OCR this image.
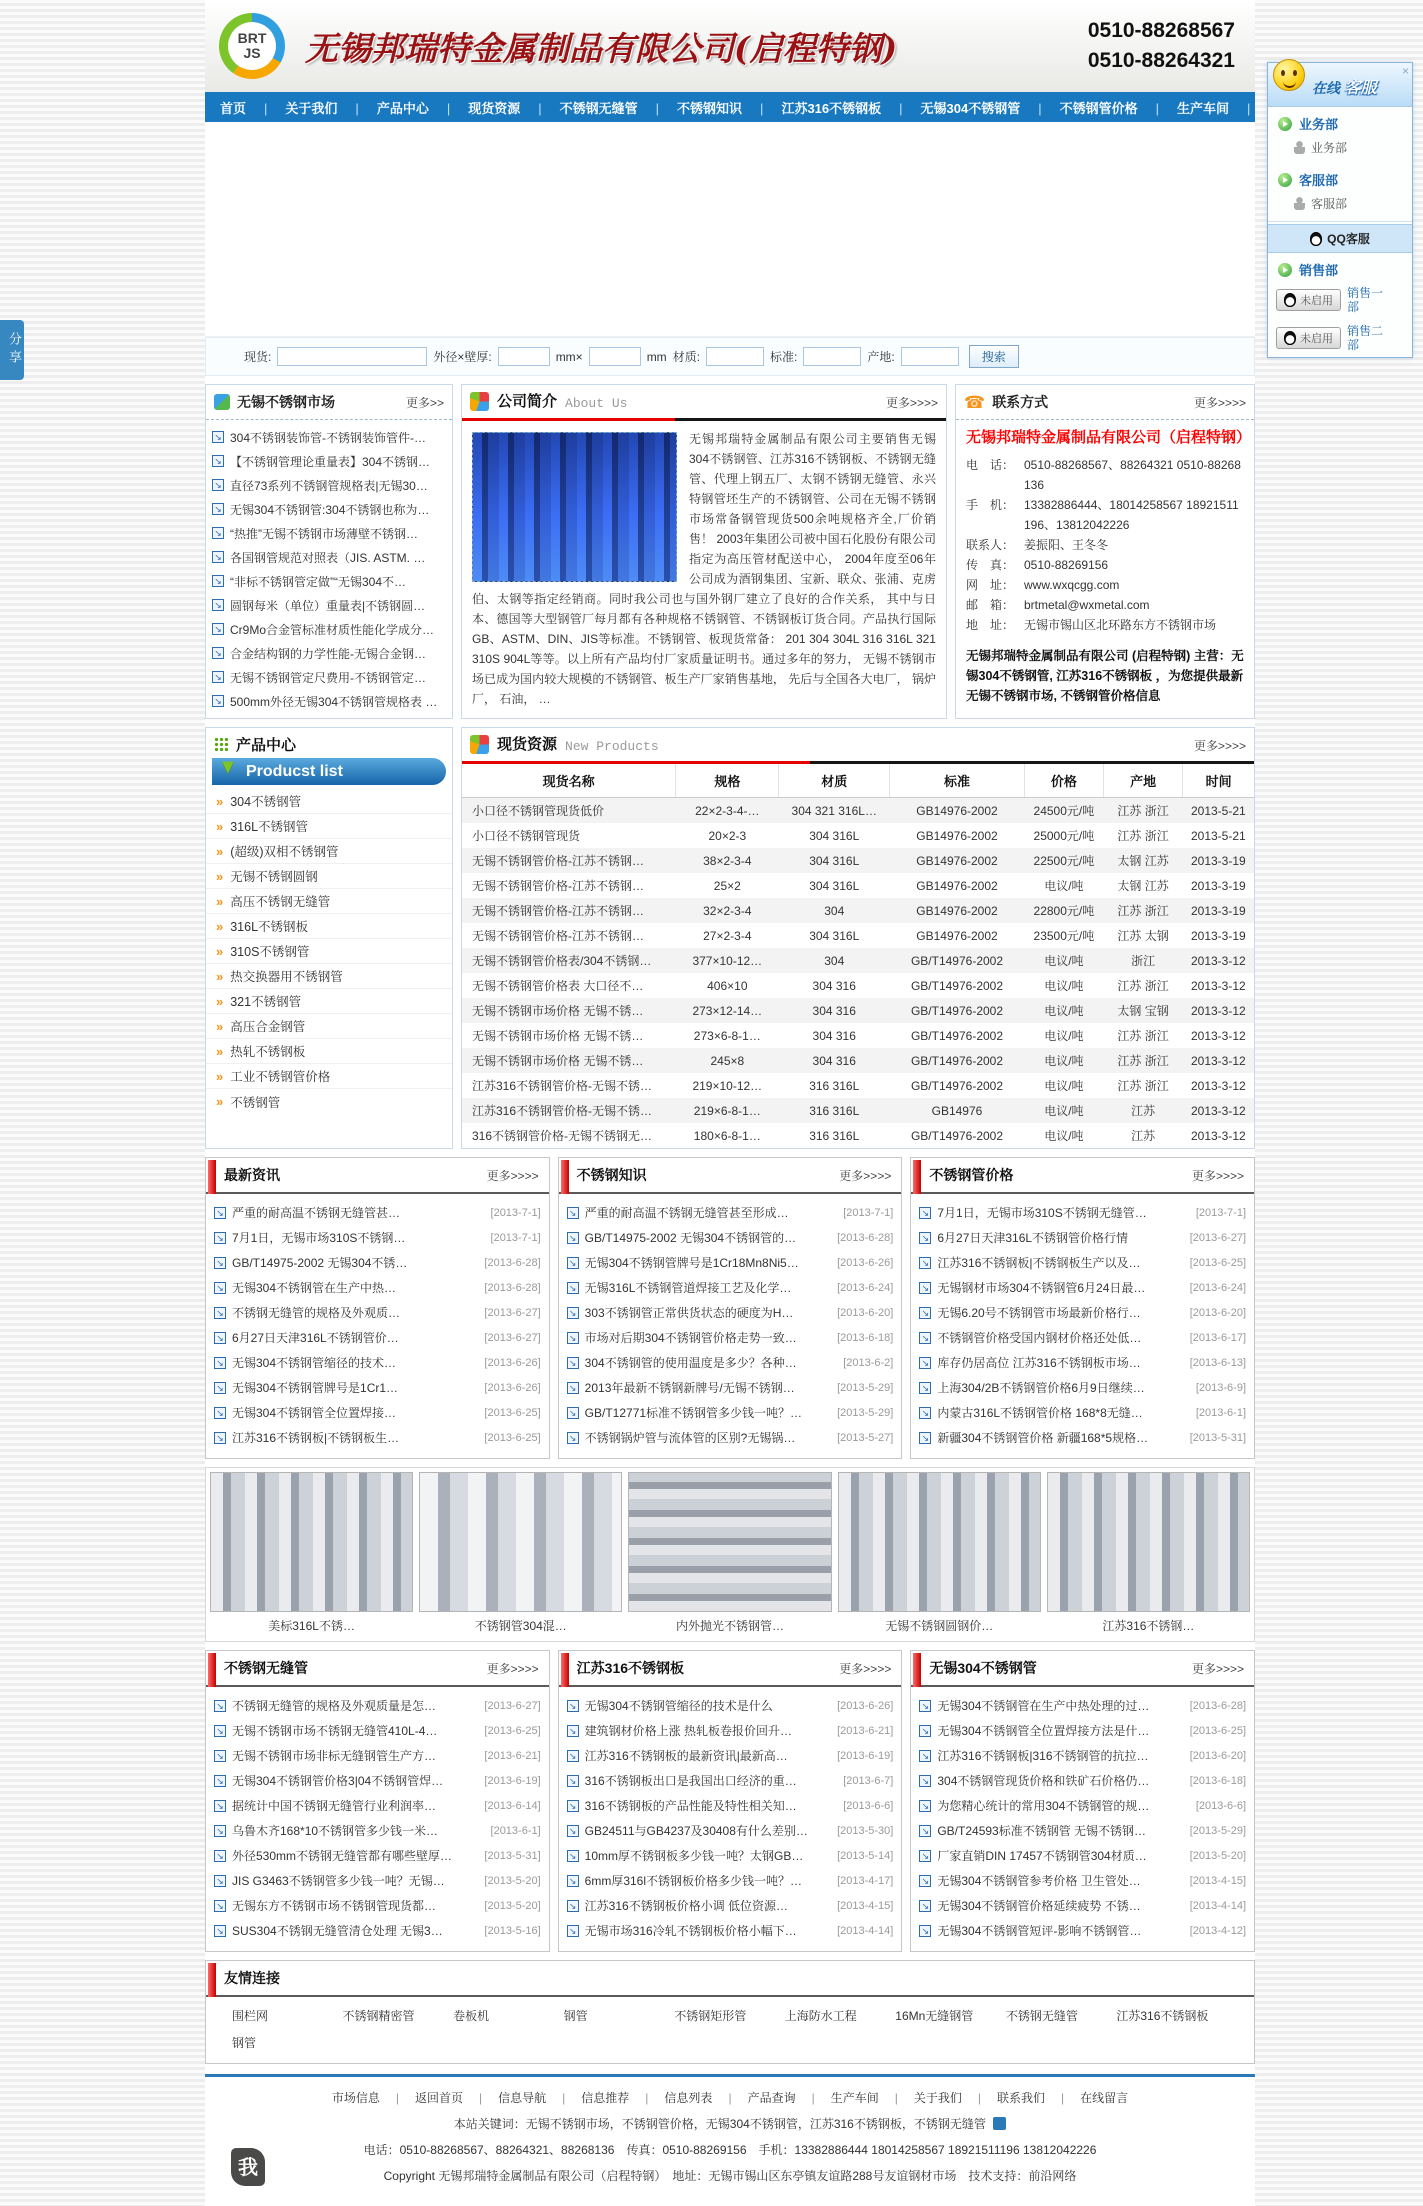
BRT
JS 无锡邦瑞特金属制品有限公司(启程特钢)	0510-88268567
0510-88264321
首页 |	关于我们 |	产品中心 |	现货资源 |	不锈钢无缝管 |	不锈钢知识 |	江苏316不锈钢板 |	无锡304不锈钢管 |	不锈钢管价格 |	生产车间 |
现货:	外径×壁厚:	mm×	mm 材质:	标准:	产地:	搜索
无锡不锈钢市场	更多>>
↘ 304不锈钢装饰管-不锈钢装饰管件-…
↘ 【不锈钢管理论重量表】304不锈钢…
↘ 直径73系列不锈钢管规格表|无锡30…
↘ 无锡304不锈钢管:304不锈钢也称为…
↘ “热推”无锡不锈钢市场薄壁不锈钢…
↘ 各国钢管规范对照表（JIS. ASTM. …
↘ “非标不锈钢管定做”“无锡304不…
↘ 圆钢每米（单位）重量表|不锈钢圆…
↘ Cr9Mo合金管标准材质性能化学成分…
↘ 合金结构钢的力学性能-无锡合金钢…
↘ 无锡不锈钢管定尺费用-不锈钢管定…
↘ 500mm外径无锡304不锈钢管规格表 …
公司简介 About Us	更多>>>>
无锡邦瑞特金属制品有限公司主要销售无锡304不锈钢管、江苏316不锈钢板、不锈钢无缝管、代理上钢五厂、太钢不锈钢无缝管、永兴特钢管坯生产的不锈钢管、公司在无锡不锈钢市场常备钢管现货500余吨规格齐全,厂价销售！ 2003年集团公司被中国石化股份有限公司指定为高压管材配送中心， 2004年度至06年公司成为酒钢集团、宝新、联众、张浦、克虏伯、太钢等指定经销商。同时我公司也与国外钢厂建立了良好的合作关系， 其中与日本、德国等大型钢管厂每月都有各种规格不锈钢管、不锈钢板订货合同。产品执行国际 GB、ASTM、DIN、JIS等标准。不锈钢管、板现货常备： 201 304 304L 316 316L 321 310S 904L等等。以上所有产品均付厂家质量证明书。通过多年的努力， 无锡不锈钢市场已成为国内较大规模的不锈钢管、板生产厂家销售基地， 先后与全国各大电厂， 锅炉厂， 石油， …
☎ 联系方式	更多>>>>
无锡邦瑞特金属制品有限公司（启程特钢）
电　话： 0510-88268567、88264321 0510-88268136
手　机： 13382886444、18014258567 18921511196、13812042226
联系人： 姜振阳、王冬冬
传　真： 0510-88269156
网　址： www.wxqcgg.com
邮　箱： brtmetal@wxmetal.com
地　址： 无锡市锡山区北环路东方不锈钢市场
无锡邦瑞特金属制品有限公司 (启程特钢) 主营：无锡304不锈钢管, 江苏316不锈钢板 ，为您提供最新无锡不锈钢市场, 不锈钢管价格信息
产品中心
▼ Producst list
» 304不锈钢管
» 316L不锈钢管
» (超级)双相不锈钢管
» 无锡不锈钢圆钢
» 高压不锈钢无缝管
» 316L不锈钢板
» 310S不锈钢管
» 热交换器用不锈钢管
» 321不锈钢管
» 高压合金钢管
» 热轧不锈钢板
» 工业不锈钢管价格
» 不锈钢管
现货资源 New Products	更多>>>>
现货名称	规格	材质	标准	价格	产地	时间
小口径不锈钢管现货低价	22×2-3-4-…	304 321 316L…	GB14976-2002	24500元/吨	江苏 浙江	2013-5-21
小口径不锈钢管现货	20×2-3	304 316L	GB14976-2002	25000元/吨	江苏 浙江	2013-5-21
无锡不锈钢管价格-江苏不锈钢…	38×2-3-4	304 316L	GB14976-2002	22500元/吨	太钢 江苏	2013-3-19
无锡不锈钢管价格-江苏不锈钢…	25×2	304 316L	GB14976-2002	电议/吨	太钢 江苏	2013-3-19
无锡不锈钢管价格-江苏不锈钢…	32×2-3-4	304	GB14976-2002	22800元/吨	江苏 浙江	2013-3-19
无锡不锈钢管价格-江苏不锈钢…	27×2-3-4	304 316L	GB14976-2002	23500元/吨	江苏 太钢	2013-3-19
无锡不锈钢管价格表/304不锈钢…	377×10-12…	304	GB/T14976-2002	电议/吨	浙江	2013-3-12
无锡不锈钢管价格表 大口径不…	406×10	304 316	GB/T14976-2002	电议/吨	江苏 浙江	2013-3-12
无锡不锈钢市场价格 无锡不锈…	273×12-14…	304 316	GB/T14976-2002	电议/吨	太钢 宝钢	2013-3-12
无锡不锈钢市场价格 无锡不锈…	273×6-8-1…	304 316	GB/T14976-2002	电议/吨	江苏 浙江	2013-3-12
无锡不锈钢市场价格 无锡不锈…	245×8	304 316	GB/T14976-2002	电议/吨	江苏 浙江	2013-3-12
江苏316不锈钢管价格-无锡不锈…	219×10-12…	316 316L	GB/T14976-2002	电议/吨	江苏 浙江	2013-3-12
江苏316不锈钢管价格-无锡不锈…	219×6-8-1…	316 316L	GB14976	电议/吨	江苏	2013-3-12
316不锈钢管价格-无锡不锈钢无…	180×6-8-1…	316 316L	GB/T14976-2002	电议/吨	江苏	2013-3-12
最新资讯	更多>>>>
↘ 严重的耐高温不锈钢无缝管甚…	[2013-7-1]
↘ 7月1日，无锡市场310S不锈钢…	[2013-7-1]
↘ GB/T14975-2002 无锡304不锈…	[2013-6-28]
↘ 无锡304不锈钢管在生产中热…	[2013-6-28]
↘ 不锈钢无缝管的规格及外观质…	[2013-6-27]
↘ 6月27日天津316L不锈钢管价…	[2013-6-27]
↘ 无锡304不锈钢管缩径的技术…	[2013-6-26]
↘ 无锡304不锈钢管牌号是1Cr1…	[2013-6-26]
↘ 无锡304不锈钢管全位置焊接…	[2013-6-25]
↘ 江苏316不锈钢板|不锈钢板生…	[2013-6-25]
不锈钢知识	更多>>>>
↘ 严重的耐高温不锈钢无缝管甚至形成…	[2013-7-1]
↘ GB/T14975-2002 无锡304不锈钢管的…	[2013-6-28]
↘ 无锡304不锈钢管牌号是1Cr18Mn8Ni5…	[2013-6-26]
↘ 无锡316L不锈钢管道焊接工艺及化学…	[2013-6-24]
↘ 303不锈钢管正常供货状态的硬度为H…	[2013-6-20]
↘ 市场对后期304不锈钢管价格走势一致…	[2013-6-18]
↘ 304不锈钢管的使用温度是多少？各种…	[2013-6-2]
↘ 2013年最新不锈钢新牌号/无锡不锈钢…	[2013-5-29]
↘ GB/T12771标准不锈钢管多少钱一吨？…	[2013-5-29]
↘ 不锈钢锅炉管与流体管的区别?无锡锅…	[2013-5-27]
不锈钢管价格	更多>>>>
↘ 7月1日，无锡市场310S不锈钢无缝管…	[2013-7-1]
↘ 6月27日天津316L不锈钢管价格行情	[2013-6-27]
↘ 江苏316不锈钢板|不锈钢板生产以及…	[2013-6-25]
↘ 无锡钢材市场304不锈钢管6月24日最…	[2013-6-24]
↘ 无锡6.20号不锈钢管市场最新价格行…	[2013-6-20]
↘ 不锈钢管价格受国内钢材价格还处低…	[2013-6-17]
↘ 库存仍居高位 江苏316不锈钢板市场…	[2013-6-13]
↘ 上海304/2B不锈钢管价格6月9日继续…	[2013-6-9]
↘ 内蒙古316L不锈钢管价格 168*8无缝…	[2013-6-1]
↘ 新疆304不锈钢管价格 新疆168*5规格…	[2013-5-31]
美标316L不锈…	不锈钢管304混…	内外抛光不锈钢管…	无锡不锈钢圆钢价…	江苏316不锈钢…
不锈钢无缝管	更多>>>>
↘ 不锈钢无缝管的规格及外观质量是怎…	[2013-6-27]
↘ 无锡不锈钢市场不锈钢无缝管410L-4…	[2013-6-25]
↘ 无锡不锈钢市场非标无缝钢管生产方…	[2013-6-21]
↘ 无锡304不锈钢管价格3|04不锈钢管焊…	[2013-6-19]
↘ 据统计中国不锈钢无缝管行业利润率…	[2013-6-14]
↘ 乌鲁木齐168*10不锈钢管多少钱一米…	[2013-6-1]
↘ 外径530mm不锈钢无缝管都有哪些壁厚…	[2013-5-31]
↘ JIS G3463不锈钢管多少钱一吨？无锡…	[2013-5-20]
↘ 无锡东方不锈钢市场不锈钢管现货都…	[2013-5-20]
↘ SUS304不锈钢无缝管清仓处理 无锡3…	[2013-5-16]
江苏316不锈钢板	更多>>>>
↘ 无锡304不锈钢管缩径的技术是什么	[2013-6-26]
↘ 建筑钢材价格上涨 热轧板卷报价回升…	[2013-6-21]
↘ 江苏316不锈钢板的最新资讯|最新高…	[2013-6-19]
↘ 316不锈钢板出口是我国出口经济的重…	[2013-6-7]
↘ 316不锈钢板的产品性能及特性相关知…	[2013-6-6]
↘ GB24511与GB4237及30408有什么差别…	[2013-5-30]
↘ 10mm厚不锈钢板多少钱一吨？太钢GB…	[2013-5-14]
↘ 6mm厚316l不锈钢板价格多少钱一吨？…	[2013-4-17]
↘ 江苏316不锈钢板价格小调 低位资源…	[2013-4-15]
↘ 无锡市场316冷轧不锈钢板价格小幅下…	[2013-4-14]
无锡304不锈钢管	更多>>>>
↘ 无锡304不锈钢管在生产中热处理的过…	[2013-6-28]
↘ 无锡304不锈钢管全位置焊接方法是什…	[2013-6-25]
↘ 江苏316不锈钢板|316不锈钢管的抗拉…	[2013-6-20]
↘ 304不锈钢管现货价格和铁矿石价格仍…	[2013-6-18]
↘ 为您精心统计的常用304不锈钢管的规…	[2013-6-6]
↘ GB/T24593标准不锈钢管 无锡不锈钢…	[2013-5-29]
↘ 厂家直销DIN 17457不锈钢管304材质…	[2013-5-20]
↘ 无锡304不锈钢管参考价格 卫生管处…	[2013-4-15]
↘ 无锡304不锈钢管价格延续疲势 不锈…	[2013-4-14]
↘ 无锡304不锈钢管短评-影响不锈钢管…	[2013-4-12]
友情连接
围栏网	不锈钢精密管	卷板机	钢管	不锈钢矩形管	上海防水工程	16Mn无缝钢管	不锈钢无缝管	江苏316不锈钢板
钢管
市场信息 |	返回首页 |	信息导航 |	信息推荐 |	信息列表 |	产品查询 |	生产车间 |	关于我们 |	联系我们 |	在线留言
本站关键词：无锡不锈钢市场，不锈钢管价格，无锡304不锈钢管，江苏316不锈钢板，不锈钢无缝管
电话：0510-88268567、88264321、88268136　传真：0510-88269156　手机：13382886444 18014258567 18921511196 13812042226
Copyright 无锡邦瑞特金属制品有限公司（启程特钢）　地址：无锡市锡山区东亭镇友谊路288号友谊钢材市场　技术支持：前沿网络
我
分享
在线 客服
×
业务部
业务部
客服部
客服部
QQ客服
销售部
未启用
销售一部
未启用
销售二部
